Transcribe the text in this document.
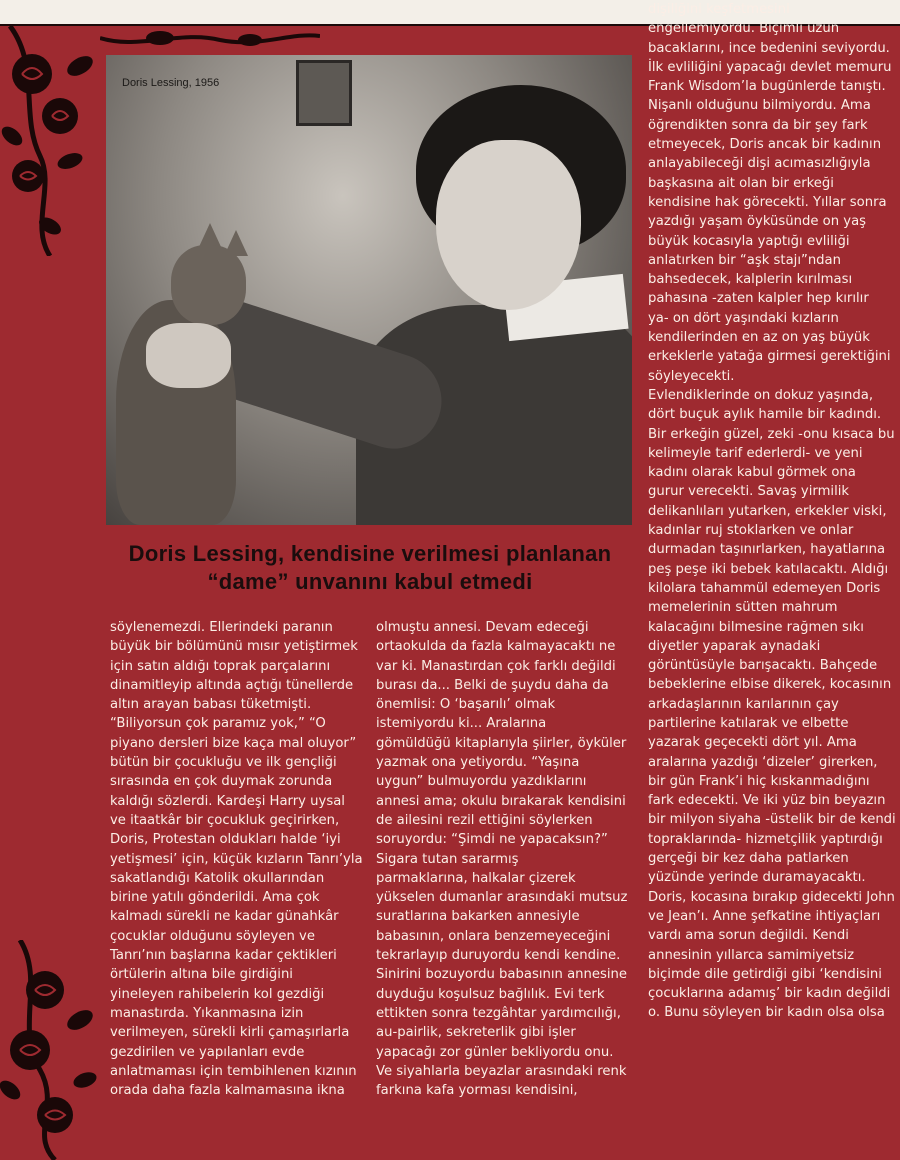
Doris Lessing, 1956
Doris Lessing, kendisine verilmesi planlanan
“dame” unvanını kabul etmedi

söylenemezdi. Ellerindeki paranın
büyük bir bölümünü mısır yetiştirmek
için satın aldığı toprak parçalarını
dinamitleyip altında açtığı tünellerde
altın arayan babası tüketmişti.
“Biliyorsun çok paramız yok,” “O
piyano dersleri bize kaça mal oluyor”
bütün bir çocukluğu ve ilk gençliği
sırasında en çok duymak zorunda
kaldığı sözlerdi. Kardeşi Harry uysal
ve itaatkâr bir çocukluk geçirirken,
Doris, Protestan oldukları halde ‘iyi
yetişmesi’ için, küçük kızların Tanrı’yla
sakatlandığı Katolik okullarından
birine yatılı gönderildi. Ama çok
kalmadı sürekli ne kadar günahkâr
çocuklar olduğunu söyleyen ve
Tanrı’nın başlarına kadar çektikleri
örtülerin altına bile girdiğini
yineleyen rahibelerin kol gezdiği
manastırda. Yıkanmasına izin
verilmeyen, sürekli kirli çamaşırlarla
gezdirilen ve yapılanları evde
anlatmaması için tembihlenen kızının
orada daha fazla kalmamasına ikna

olmuştu annesi. Devam edeceği
ortaokulda da fazla kalmayacaktı ne
var ki. Manastırdan çok farklı değildi
burası da... Belki de şuydu daha da
önemlisi: O ‘başarılı’ olmak
istemiyordu ki... Aralarına
gömüldüğü kitaplarıyla şiirler, öyküler
yazmak ona yetiyordu. “Yaşına
uygun” bulmuyordu yazdıklarını
annesi ama; okulu bırakarak kendisini
de ailesini rezil ettiğini söylerken
soruyordu: “Şimdi ne yapacaksın?”
Sigara tutan sararmış
parmaklarına, halkalar çizerek
yükselen dumanlar arasındaki mutsuz
suratlarına bakarken annesiyle
babasının, onlara benzemeyeceğini
tekrarlayıp duruyordu kendi kendine.
Sinirini bozuyordu babasının annesine
duyduğu koşulsuz bağlılık. Evi terk
ettikten sonra tezgâhtar yardımcılığı,
au-pairlik, sekreterlik gibi işler
yapacağı zor günler bekliyordu onu.
Ve siyahlarla beyazlar arasındaki renk
farkına kafa yorması kendisini,

dişiliğini keşfetmesini
engellemiyordu. Biçimli uzun
bacaklarını, ince bedenini seviyordu.
İlk evliliğini yapacağı devlet memuru
Frank Wisdom’la bugünlerde tanıştı.
Nişanlı olduğunu bilmiyordu. Ama
öğrendikten sonra da bir şey fark
etmeyecek, Doris ancak bir kadının
anlayabileceği dişi acımasızlığıyla
başkasına ait olan bir erkeği
kendisine hak görecekti. Yıllar sonra
yazdığı yaşam öyküsünde on yaş
büyük kocasıyla yaptığı evliliği
anlatırken bir “aşk stajı”ndan
bahsedecek, kalplerin kırılması
pahasına -zaten kalpler hep kırılır
ya- on dört yaşındaki kızların
kendilerinden en az on yaş büyük
erkeklerle yatağa girmesi gerektiğini
söyleyecekti.
Evlendiklerinde on dokuz yaşında,
dört buçuk aylık hamile bir kadındı.
Bir erkeğin güzel, zeki -onu kısaca bu
kelimeyle tarif ederlerdi- ve yeni
kadını olarak kabul görmek ona
gurur verecekti. Savaş yirmilik
delikanlıları yutarken, erkekler viski,
kadınlar ruj stoklarken ve onlar
durmadan taşınırlarken, hayatlarına
peş peşe iki bebek katılacaktı. Aldığı
kilolara tahammül edemeyen Doris
memelerinin sütten mahrum
kalacağını bilmesine rağmen sıkı
diyetler yaparak aynadaki
görüntüsüyle barışacaktı. Bahçede
bebeklerine elbise dikerek, kocasının
arkadaşlarının karılarının çay
partilerine katılarak ve elbette
yazarak geçecekti dört yıl. Ama
aralarına yazdığı ‘dizeler’ girerken,
bir gün Frank’i hiç kıskanmadığını
fark edecekti. Ve iki yüz bin beyazın
bir milyon siyaha -üstelik bir de kendi
topraklarında- hizmetçilik yaptırdığı
gerçeği bir kez daha patlarken
yüzünde yerinde duramayacaktı.
Doris, kocasına bırakıp gidecekti John
ve Jean’ı. Anne şefkatine ihtiyaçları
vardı ama sorun değildi. Kendi
annesinin yıllarca samimiyetsiz
biçimde dile getirdiği gibi ‘kendisini
çocuklarına adamış’ bir kadın değildi
o. Bunu söyleyen bir kadın olsa olsa
